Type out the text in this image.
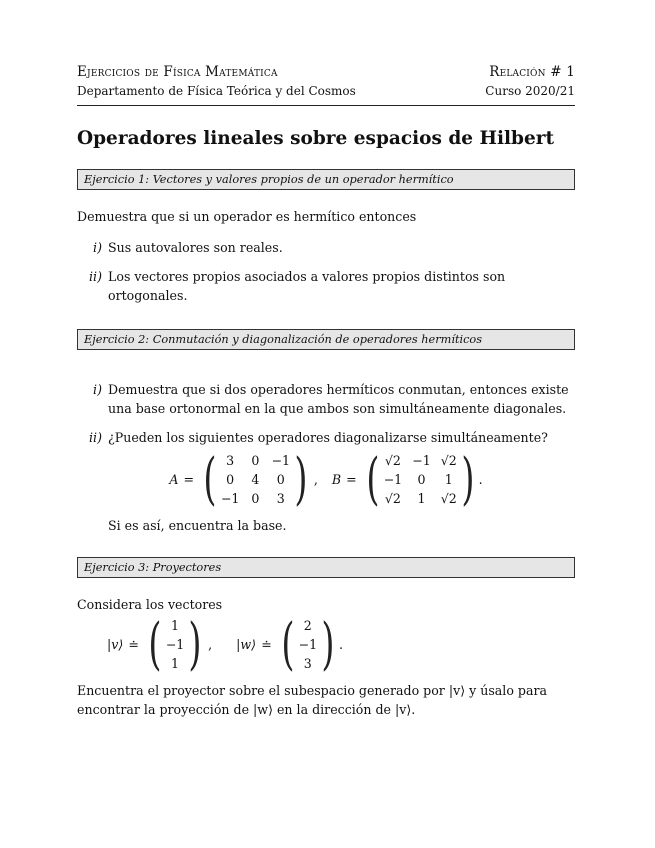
Ejercicios de Física Matemática	Relación # 1
Departamento de Física Teórica y del Cosmos	Curso 2020/21
Operadores lineales sobre espacios de Hilbert
Ejercicio 1: Vectores y valores propios de un operador hermítico
Demuestra que si un operador es hermítico entonces
i) Sus autovalores son reales.
ii) Los vectores propios asociados a valores propios distintos son ortogonales.
Ejercicio 2: Conmutación y diagonalización de operadores hermíticos
i) Demuestra que si dos operadores hermíticos conmutan, entonces existe una base ortonormal en la que ambos son simultáneamente diagonales.
ii) ¿Pueden los siguientes operadores diagonalizarse simultáneamente?
A = ( 3	0 −1
0	4	0
−1 0	3 ) , B = ( √2 −1 √2
−1	0	1
√2	1	√2 ) .
Si es así, encuentra la base.
Ejercicio 3: Proyectores
Considera los vectores
|v⟩ ≐ ( 1
−1
1 ) , |w⟩ ≐ ( 2
−1
3 ) .
Encuentra el proyector sobre el subespacio generado por |v⟩ y úsalo para encontrar la proyección de |w⟩ en la dirección de |v⟩.
